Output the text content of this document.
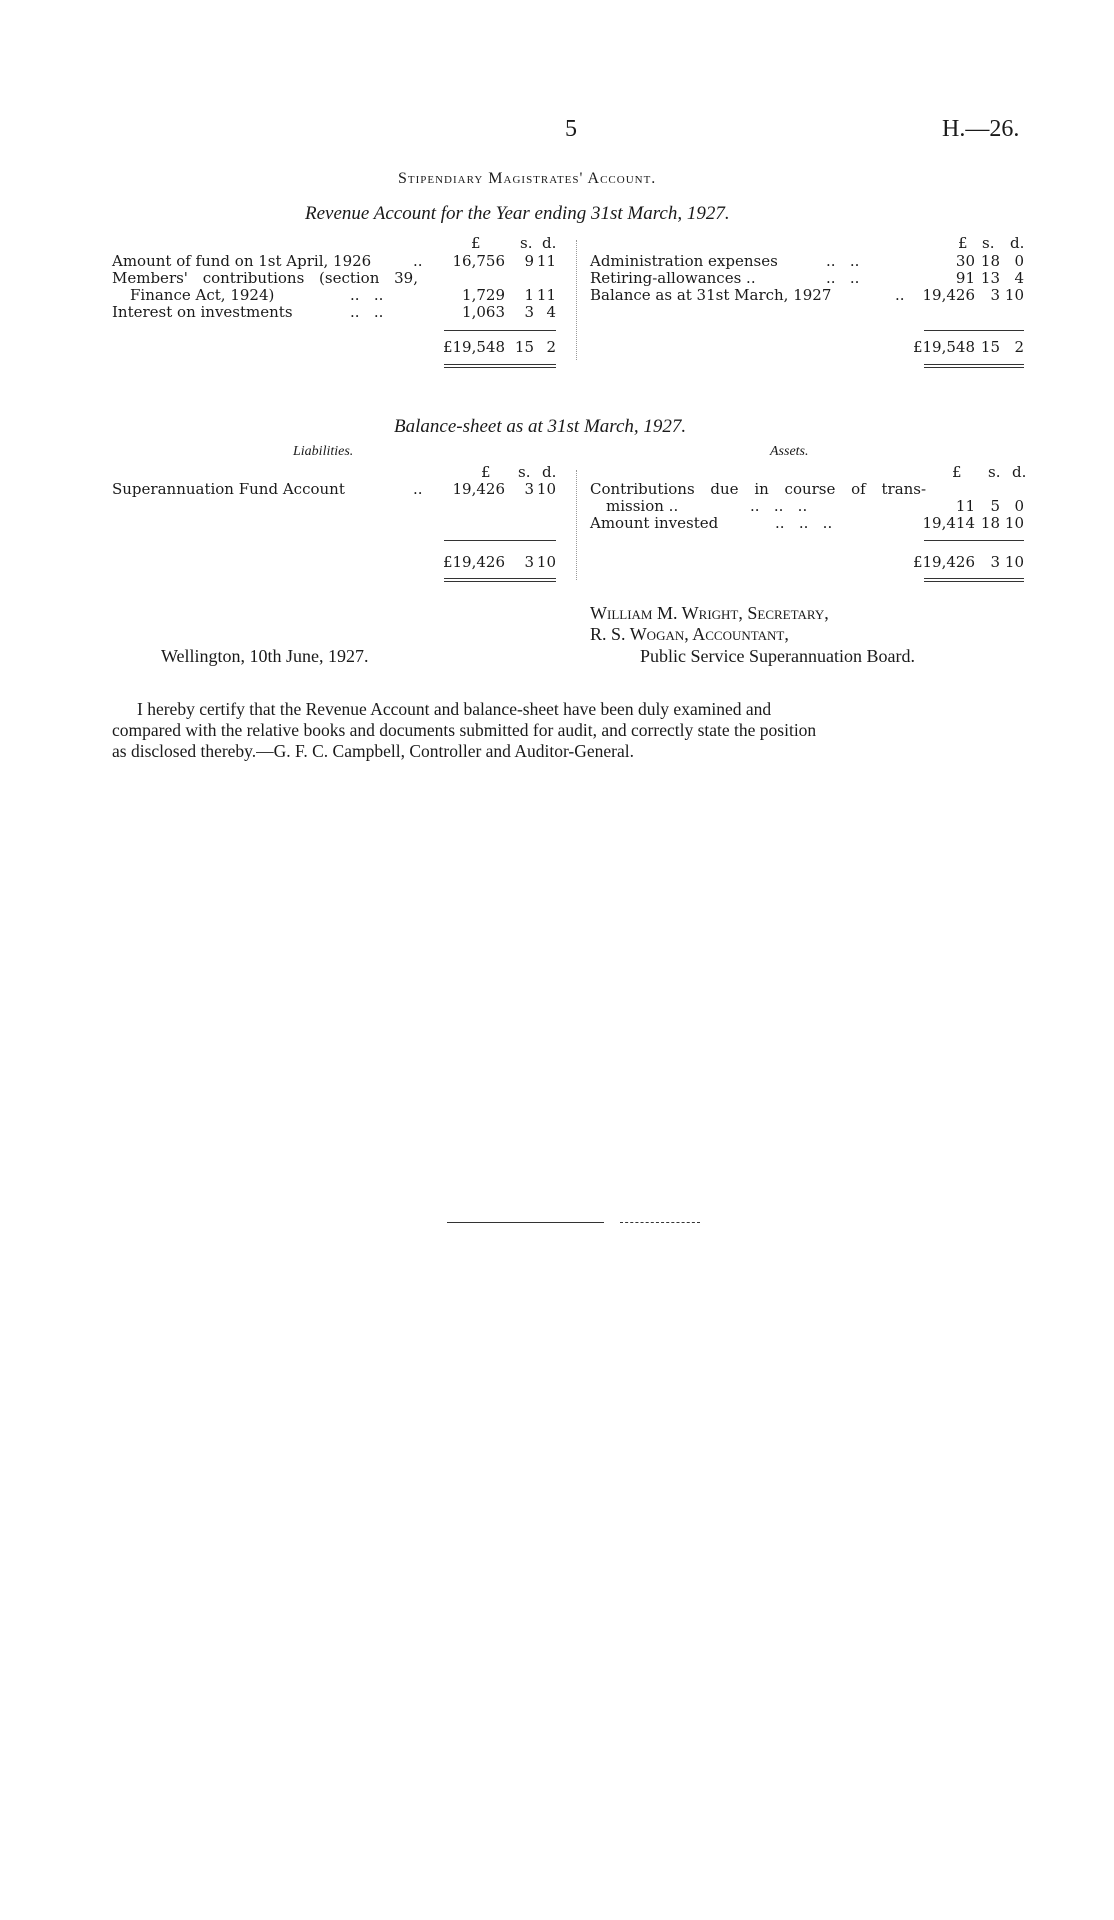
5	H.—26.
Stipendiary Magistrates' Account.
Revenue Account for the Year ending 31st March, 1927.
£	s. d.	£ s. d.
Amount of fund on 1st April, 1926	..	16,756	9 11
Members' contributions (section 39,
Finance Act, 1924)	..   ..	1,729	1 11
Interest on investments	..   ..	1,063	3 4
£19,548 15 2
Administration expenses	..   ..	30 18 0
Retiring-allowances ..	..   ..	91 13 4
Balance as at 31st March, 1927	..	19,426	3 10
£19,548 15 2
Balance-sheet as at 31st March, 1927.
Liabilities.	Assets.
£ s. d.	£ s. d.
Superannuation Fund Account	..	19,426	3 10
£19,426	3 10
Contributions due in course of trans-
mission ..	..   ..   ..	11	5 0
Amount invested	..   ..   ..	19,414 18 10
£19,426	3 10
William M. Wright, Secretary,
R. S. Wogan, Accountant,
Public Service Superannuation Board.
Wellington, 10th June, 1927.
I hereby certify that the Revenue Account and balance-sheet have been duly examined and
compared with the relative books and documents submitted for audit, and correctly state the position
as disclosed thereby.—G. F. C. Campbell, Controller and Auditor-General.
